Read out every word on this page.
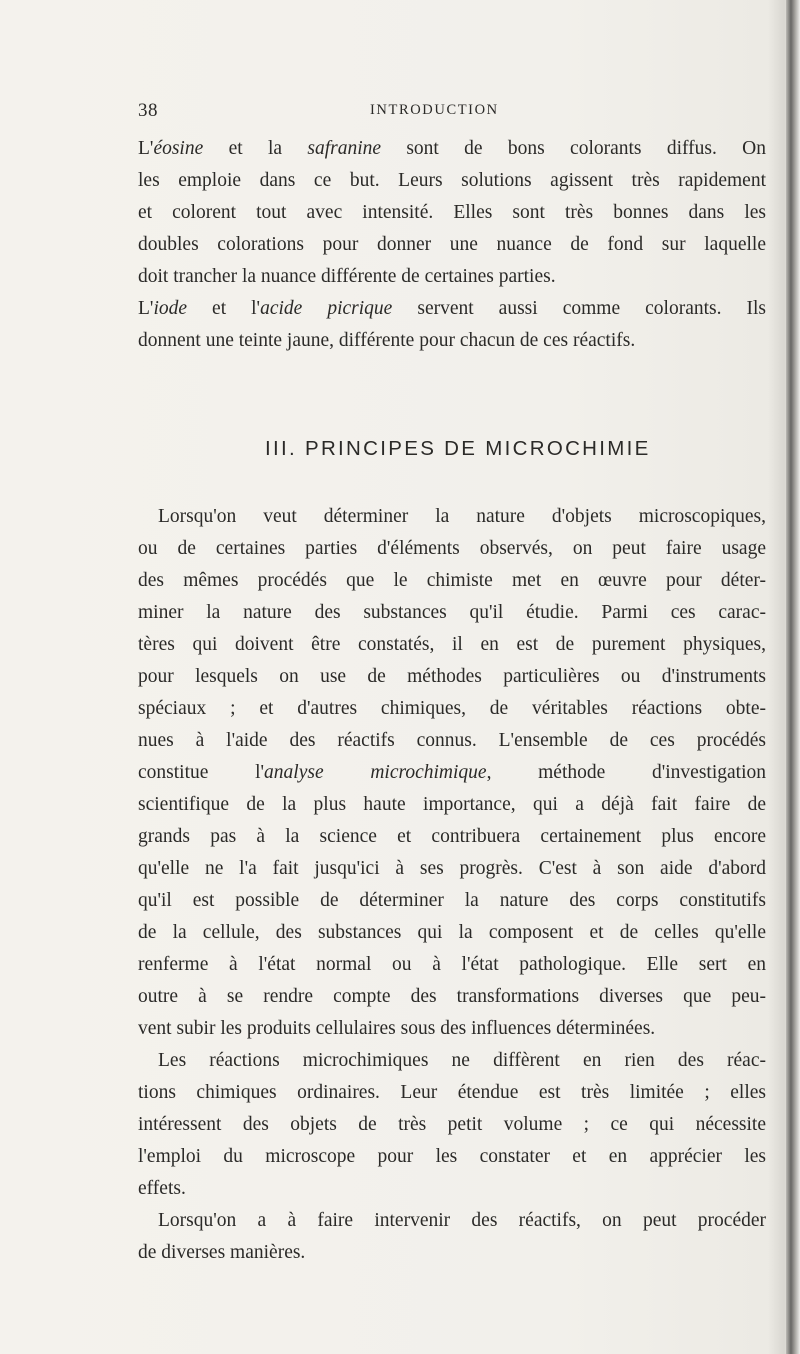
38	INTRODUCTION
L'éosine et la safranine sont de bons colorants diffus. On
les emploie dans ce but. Leurs solutions agissent très rapidement
et colorent tout avec intensité. Elles sont très bonnes dans les
doubles colorations pour donner une nuance de fond sur laquelle
doit trancher la nuance différente de certaines parties.
L'iode et l'acide picrique servent aussi comme colorants. Ils
donnent une teinte jaune, différente pour chacun de ces réactifs.
III. PRINCIPES DE MICROCHIMIE
Lorsqu'on veut déterminer la nature d'objets microscopiques,
ou de certaines parties d'éléments observés, on peut faire usage
des mêmes procédés que le chimiste met en œuvre pour déter-
miner la nature des substances qu'il étudie. Parmi ces carac-
tères qui doivent être constatés, il en est de purement physiques,
pour lesquels on use de méthodes particulières ou d'instruments
spéciaux ; et d'autres chimiques, de véritables réactions obte-
nues à l'aide des réactifs connus. L'ensemble de ces procédés
constitue l'analyse microchimique, méthode d'investigation
scientifique de la plus haute importance, qui a déjà fait faire de
grands pas à la science et contribuera certainement plus encore
qu'elle ne l'a fait jusqu'ici à ses progrès. C'est à son aide d'abord
qu'il est possible de déterminer la nature des corps constitutifs
de la cellule, des substances qui la composent et de celles qu'elle
renferme à l'état normal ou à l'état pathologique. Elle sert en
outre à se rendre compte des transformations diverses que peu-
vent subir les produits cellulaires sous des influences déterminées.
Les réactions microchimiques ne diffèrent en rien des réac-
tions chimiques ordinaires. Leur étendue est très limitée ; elles
intéressent des objets de très petit volume ; ce qui nécessite
l'emploi du microscope pour les constater et en apprécier les
effets.
Lorsqu'on a à faire intervenir des réactifs, on peut procéder
de diverses manières.
